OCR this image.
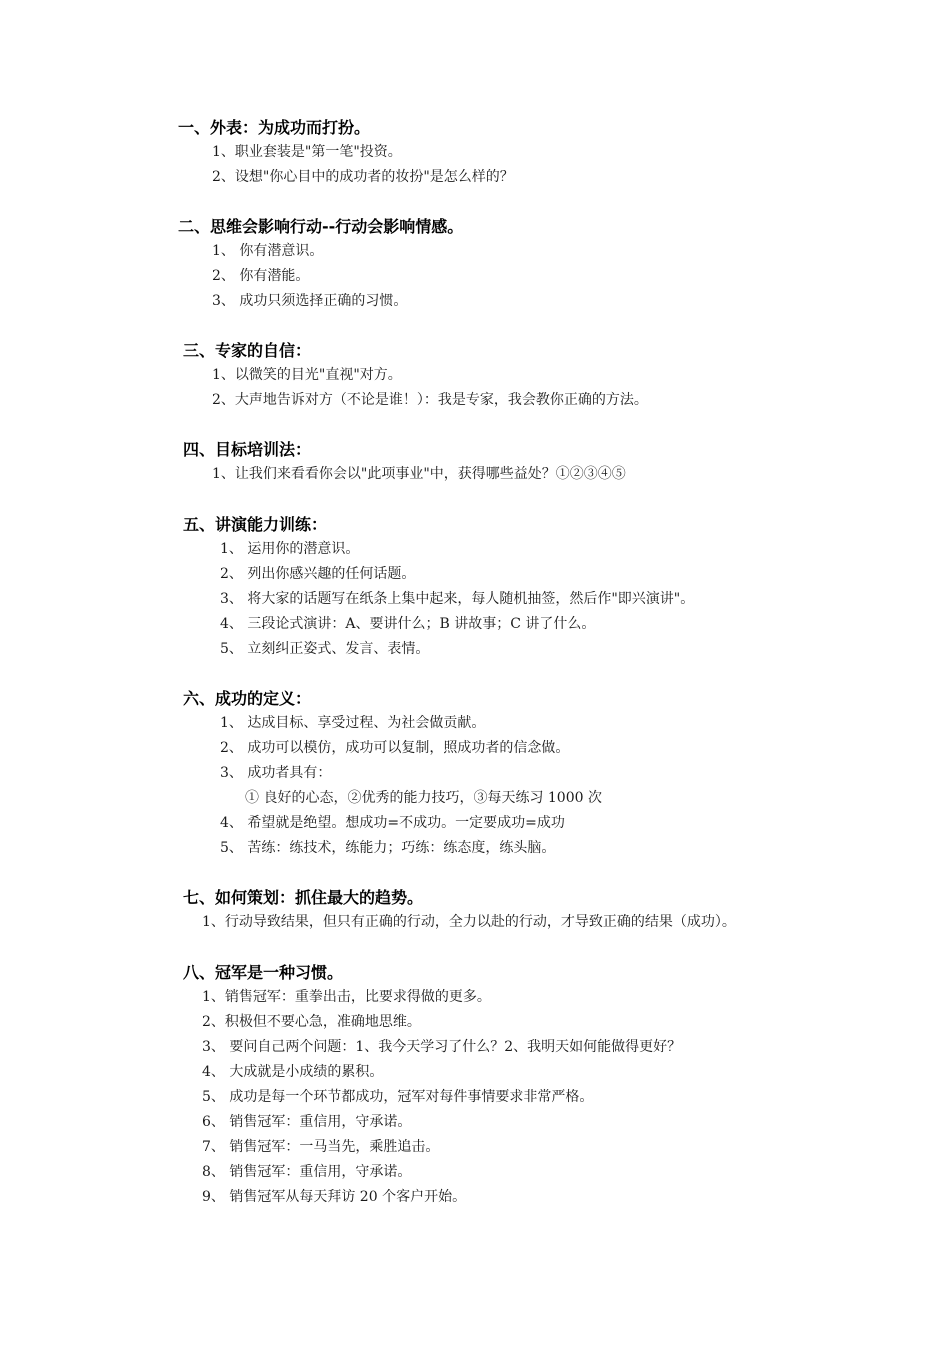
一、外表：为成功而打扮。

1、职业套装是"第一笔"投资。

2、设想"你心目中的成功者的妆扮"是怎么样的？

二、思维会影响行动--行动会影响情感。

1、 你有潜意识。

2、 你有潜能。

3、 成功只须选择正确的习惯。

三、专家的自信：

1、以微笑的目光"直视"对方。

2、大声地告诉对方（不论是谁！）：我是专家，我会教你正确的方法。

四、目标培训法：

1、让我们来看看你会以"此项事业"中，获得哪些益处？①②③④⑤

五、讲演能力训练：

1、 运用你的潜意识。

2、 列出你感兴趣的任何话题。

3、 将大家的话题写在纸条上集中起来，每人随机抽签，然后作"即兴演讲"。

4、 三段论式演讲：A、要讲什么；B 讲故事；C 讲了什么。

5、 立刻纠正姿式、发言、表情。

六、成功的定义：

1、 达成目标、享受过程、为社会做贡献。

2、 成功可以模仿，成功可以复制，照成功者的信念做。

3、 成功者具有：

① 良好的心态，②优秀的能力技巧，③每天练习 1000 次

4、 希望就是绝望。想成功=不成功。一定要成功=成功

5、 苦练：练技术，练能力；巧练：练态度，练头脑。

七、如何策划：抓住最大的趋势。

1、行动导致结果，但只有正确的行动，全力以赴的行动，才导致正确的结果（成功）。

八、冠军是一种习惯。

1、销售冠军：重拳出击，比要求得做的更多。

2、积极但不要心急，准确地思维。

3、 要问自己两个问题：1、我今天学习了什么？2、我明天如何能做得更好？

4、 大成就是小成绩的累积。

5、 成功是每一个环节都成功，冠军对每件事情要求非常严格。

6、 销售冠军：重信用，守承诺。

7、 销售冠军：一马当先，乘胜追击。

8、 销售冠军：重信用，守承诺。

9、 销售冠军从每天拜访 20 个客户开始。
